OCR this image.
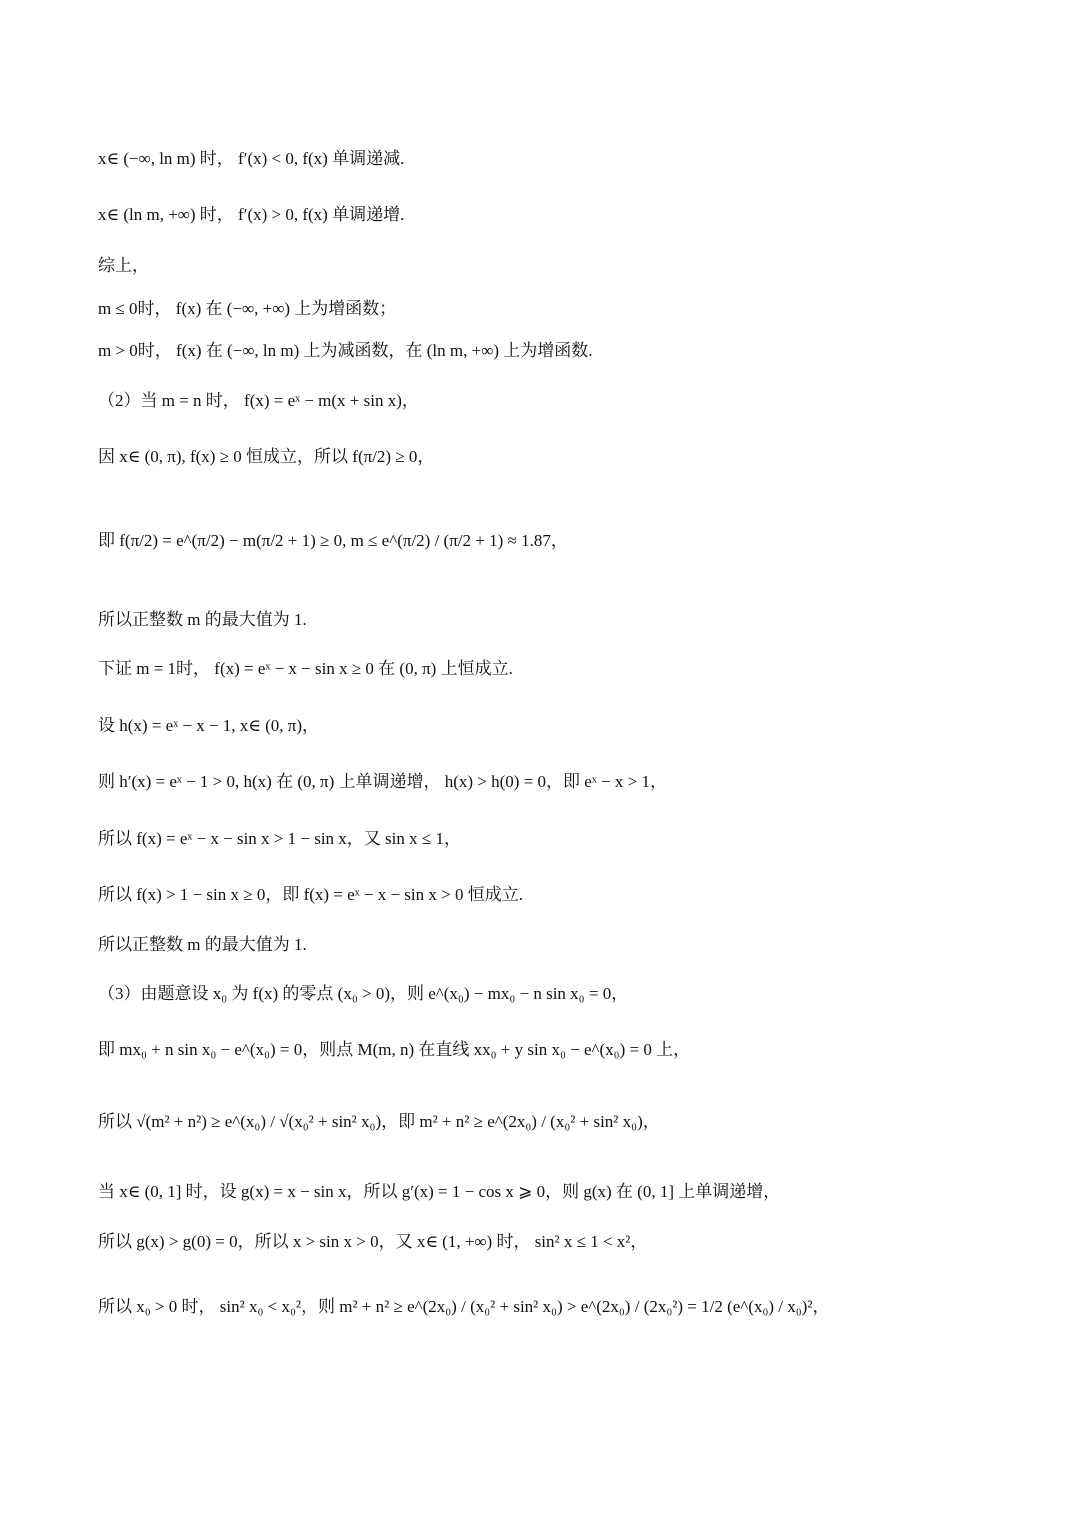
x∈ (−∞, ln m) 时， f′(x) < 0, f(x) 单调递减.
x∈ (ln m, +∞) 时， f′(x) > 0, f(x) 单调递增.
综上，
m ≤ 0时， f(x) 在 (−∞, +∞) 上为增函数；
m > 0时， f(x) 在 (−∞, ln m) 上为减函数，在 (ln m, +∞) 上为增函数.
（2）当 m = n 时， f(x) = eˣ − m(x + sin x)，
因 x∈ (0, π), f(x) ≥ 0 恒成立，所以 f(π/2) ≥ 0，
即 f(π/2) = e^(π/2) − m(π/2 + 1) ≥ 0, m ≤ e^(π/2) / (π/2 + 1) ≈ 1.87，
所以正整数 m 的最大值为 1.
下证 m = 1时， f(x) = eˣ − x − sin x ≥ 0 在 (0, π) 上恒成立.
设 h(x) = eˣ − x − 1, x∈ (0, π)，
则 h′(x) = eˣ − 1 > 0, h(x) 在 (0, π) 上单调递增， h(x) > h(0) = 0，即 eˣ − x > 1，
所以 f(x) = eˣ − x − sin x > 1 − sin x，又 sin x ≤ 1，
所以 f(x) > 1 − sin x ≥ 0，即 f(x) = eˣ − x − sin x > 0 恒成立.
所以正整数 m 的最大值为 1.
（3）由题意设 x₀ 为 f(x) 的零点 (x₀ > 0)，则 e^(x₀) − mx₀ − n sin x₀ = 0，
即 mx₀ + n sin x₀ − e^(x₀) = 0，则点 M(m, n) 在直线 xx₀ + y sin x₀ − e^(x₀) = 0 上，
所以 √(m² + n²) ≥ e^(x₀) / √(x₀² + sin² x₀)，即 m² + n² ≥ e^(2x₀) / (x₀² + sin² x₀)，
当 x∈ (0, 1] 时，设 g(x) = x − sin x，所以 g′(x) = 1 − cos x ⩾ 0，则 g(x) 在 (0, 1] 上单调递增，
所以 g(x) > g(0) = 0，所以 x > sin x > 0，又 x∈ (1, +∞) 时， sin² x ≤ 1 < x²，
所以 x₀ > 0 时， sin² x₀ < x₀²，则 m² + n² ≥ e^(2x₀) / (x₀² + sin² x₀) > e^(2x₀) / (2x₀²) = 1/2 (e^(x₀) / x₀)²，
